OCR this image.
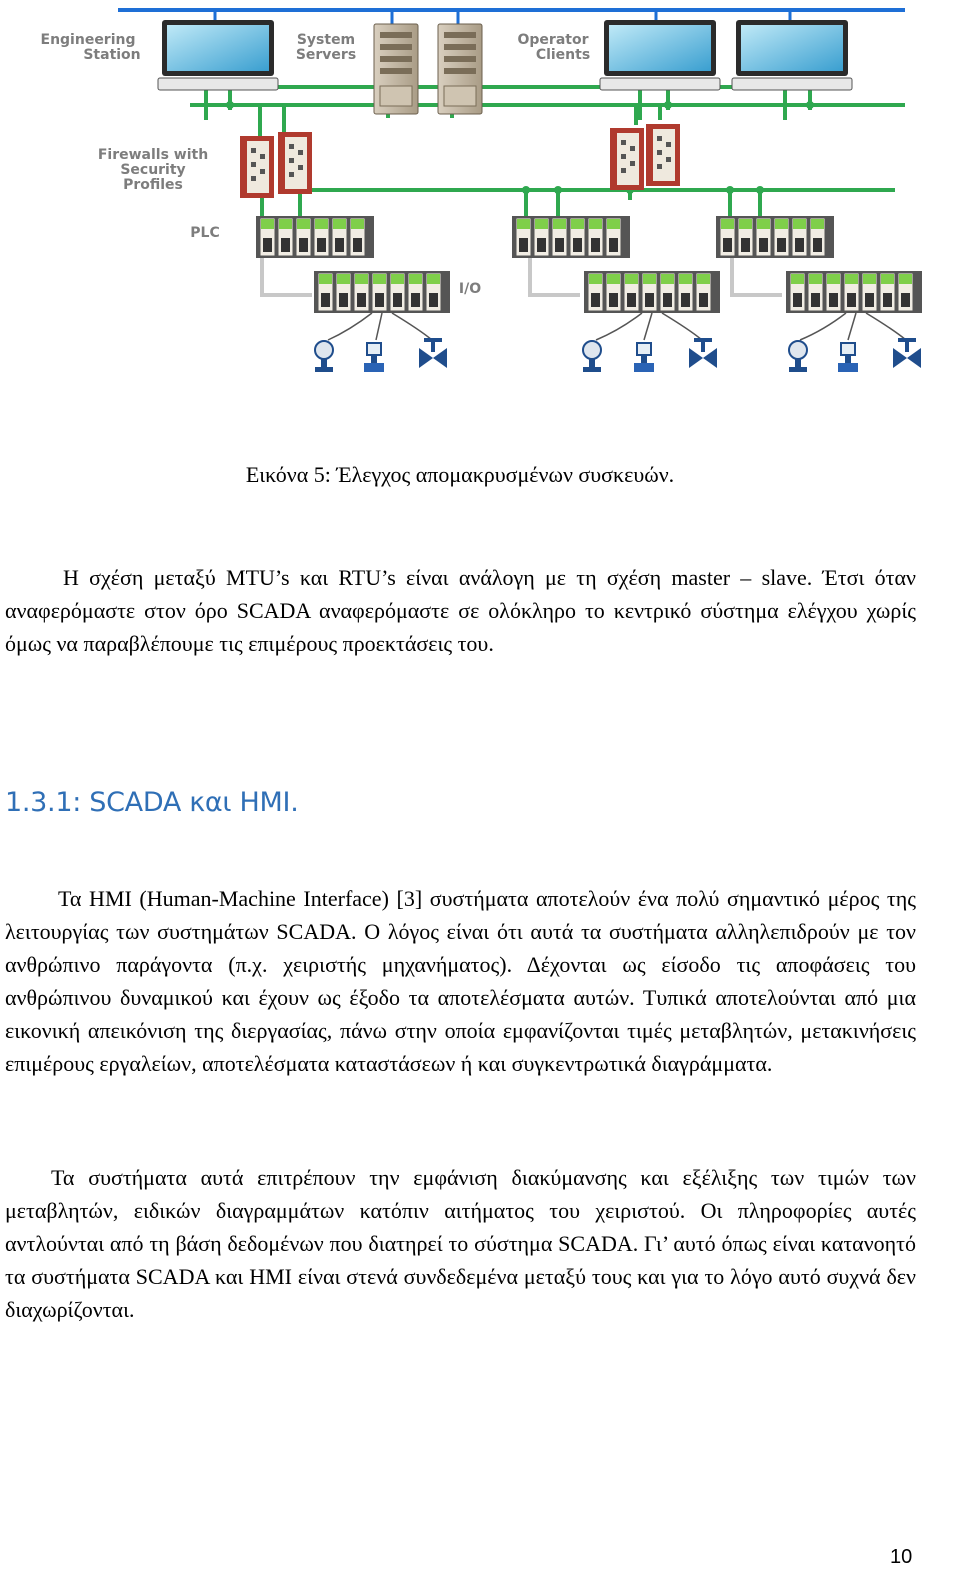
Engineering
Station
System
Servers
Operator
Clients
Firewalls with
Security
Profiles
PLC
I/O
Εικόνα 5: Έλεγχος απομακρυσμένων συσκευών.

Η σχέση μεταξύ MTU’s και RTU’s είναι ανάλογη με τη σχέση master – slave. Έτσι όταν αναφερόμαστε στον όρο SCADA αναφερόμαστε σε ολόκληρο το κεντρικό σύστημα ελέγχου χωρίς όμως να παραβλέπουμε τις επιμέρους προεκτάσεις του.

1.3.1: SCADA και HMI.

Τα HMI (Human-Machine Interface) [3] συστήματα αποτελούν ένα πολύ σημαντικό μέρος της λειτουργίας των συστημάτων SCADA. Ο λόγος είναι ότι αυτά τα συστήματα αλληλεπιδρούν με τον ανθρώπινο παράγοντα (π.χ. χειριστής μηχανήματος). Δέχονται ως είσοδο τις αποφάσεις του ανθρώπινου δυναμικού και έχουν ως έξοδο τα αποτελέσματα αυτών. Τυπικά αποτελούνται από μια εικονική απεικόνιση της διεργασίας, πάνω στην οποία εμφανίζονται τιμές μεταβλητών, μετακινήσεις επιμέρους εργαλείων, αποτελέσματα καταστάσεων ή και συγκεντρωτικά διαγράμματα.

Τα συστήματα αυτά επιτρέπουν την εμφάνιση διακύμανσης και εξέλιξης των τιμών των μεταβλητών, ειδικών διαγραμμάτων κατόπιν αιτήματος του χειριστού. Οι πληροφορίες αυτές αντλούνται από τη βάση δεδομένων που διατηρεί το σύστημα SCADA. Γι’ αυτό όπως είναι κατανοητό τα συστήματα SCADA και HMI είναι στενά συνδεδεμένα μεταξύ τους και για το λόγο αυτό συχνά δεν διαχωρίζονται.

10
